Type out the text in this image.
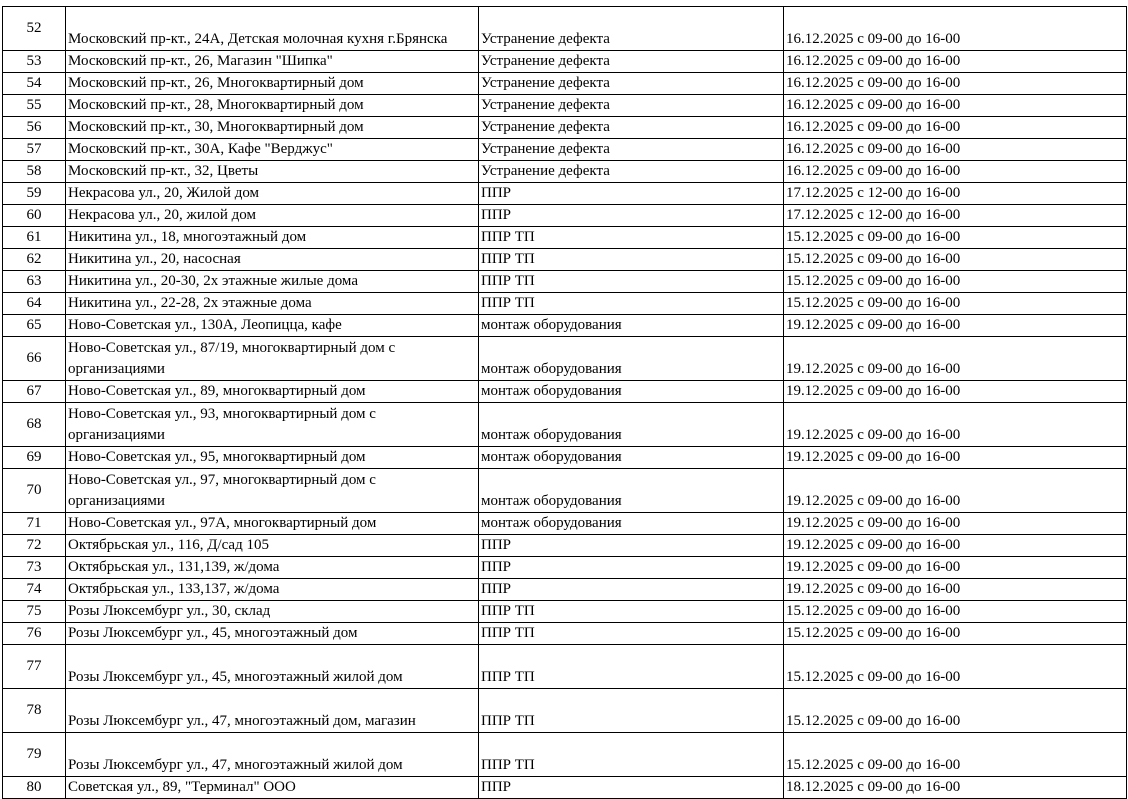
52	Московский пр-кт., 24А, Детская молочная кухня г.Брянска	Устранение дефекта	16.12.2025 с 09-00 до 16-00
53	Московский пр-кт., 26, Магазин "Шипка"	Устранение дефекта	16.12.2025 с 09-00 до 16-00
54	Московский пр-кт., 26, Многоквартирный дом	Устранение дефекта	16.12.2025 с 09-00 до 16-00
55	Московский пр-кт., 28, Многоквартирный дом	Устранение дефекта	16.12.2025 с 09-00 до 16-00
56	Московский пр-кт., 30, Многоквартирный дом	Устранение дефекта	16.12.2025 с 09-00 до 16-00
57	Московский пр-кт., 30А, Кафе "Верджус"	Устранение дефекта	16.12.2025 с 09-00 до 16-00
58	Московский пр-кт., 32, Цветы	Устранение дефекта	16.12.2025 с 09-00 до 16-00
59	Некрасова ул., 20, Жилой дом	ППР	17.12.2025 с 12-00 до 16-00
60	Некрасова ул., 20, жилой дом	ППР	17.12.2025 с 12-00 до 16-00
61	Никитина ул., 18, многоэтажный дом	ППР ТП	15.12.2025 с 09-00 до 16-00
62	Никитина ул., 20, насосная	ППР ТП	15.12.2025 с 09-00 до 16-00
63	Никитина ул., 20-30, 2х этажные жилые дома	ППР ТП	15.12.2025 с 09-00 до 16-00
64	Никитина ул., 22-28, 2х этажные дома	ППР ТП	15.12.2025 с 09-00 до 16-00
65	Ново-Советская ул., 130А, Леопицца, кафе	монтаж оборудования	19.12.2025 с 09-00 до 16-00
66	Ново-Советская ул., 87/19, многоквартирный дом с организациями	монтаж оборудования	19.12.2025 с 09-00 до 16-00
67	Ново-Советская ул., 89, многоквартирный дом	монтаж оборудования	19.12.2025 с 09-00 до 16-00
68	Ново-Советская ул., 93, многоквартирный дом с организациями	монтаж оборудования	19.12.2025 с 09-00 до 16-00
69	Ново-Советская ул., 95, многоквартирный дом	монтаж оборудования	19.12.2025 с 09-00 до 16-00
70	Ново-Советская ул., 97, многоквартирный дом с организациями	монтаж оборудования	19.12.2025 с 09-00 до 16-00
71	Ново-Советская ул., 97А, многоквартирный дом	монтаж оборудования	19.12.2025 с 09-00 до 16-00
72	Октябрьская ул., 116, Д/сад 105	ППР	19.12.2025 с 09-00 до 16-00
73	Октябрьская ул., 131,139, ж/дома	ППР	19.12.2025 с 09-00 до 16-00
74	Октябрьская ул., 133,137, ж/дома	ППР	19.12.2025 с 09-00 до 16-00
75	Розы Люксембург ул., 30, склад	ППР ТП	15.12.2025 с 09-00 до 16-00
76	Розы Люксембург ул., 45, многоэтажный дом	ППР ТП	15.12.2025 с 09-00 до 16-00
77	Розы Люксембург ул., 45, многоэтажный жилой дом	ППР ТП	15.12.2025 с 09-00 до 16-00
78	Розы Люксембург ул., 47, многоэтажный дом, магазин	ППР ТП	15.12.2025 с 09-00 до 16-00
79	Розы Люксембург ул., 47, многоэтажный жилой дом	ППР ТП	15.12.2025 с 09-00 до 16-00
80	Советская ул., 89, "Терминал" ООО	ППР	18.12.2025 с 09-00 до 16-00
